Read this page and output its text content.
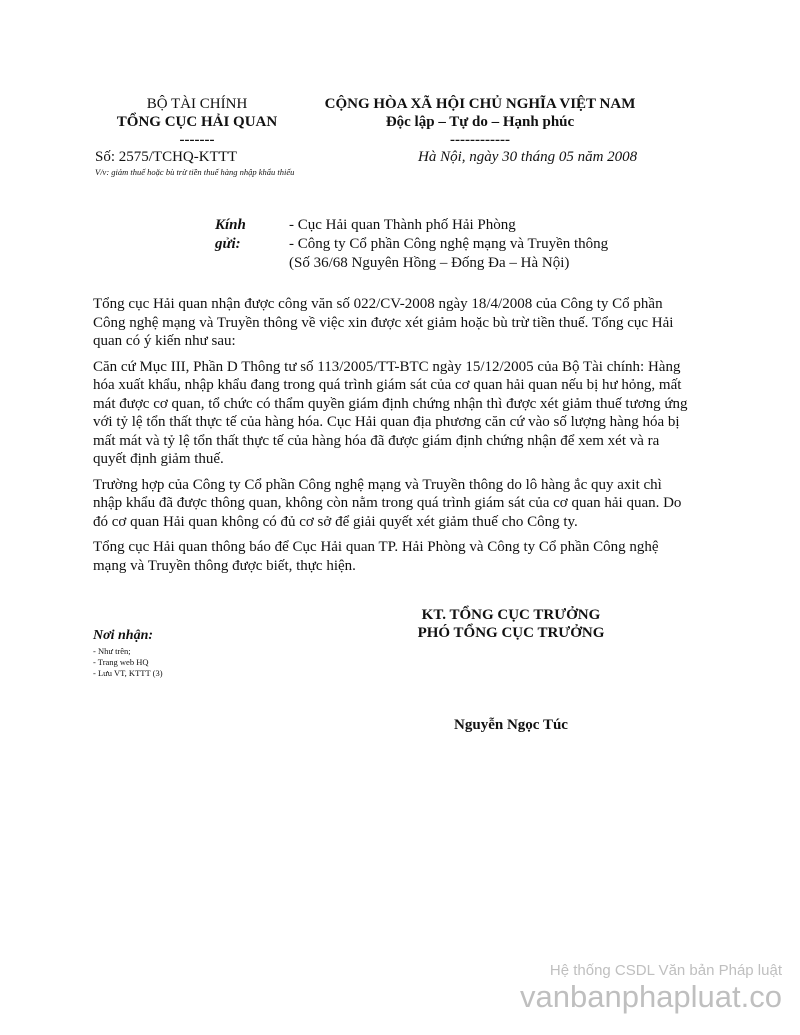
BỘ TÀI CHÍNH
TỔNG CỤC HẢI QUAN
-------
CỘNG HÒA XÃ HỘI CHỦ NGHĨA VIỆT NAM
Độc lập – Tự do – Hạnh phúc
------------
Số: 2575/TCHQ-KTTT
V/v: giảm thuế hoặc bù trừ tiền thuế hàng nhập khẩu thiếu
Hà Nội, ngày 30 tháng 05 năm 2008
Kính gửi:
- Cục Hải quan Thành phố Hải Phòng
- Công ty Cổ phần Công nghệ mạng và Truyền thông
(Số 36/68 Nguyên Hồng – Đống Đa – Hà Nội)

Tổng cục Hải quan nhận được công văn số 022/CV-2008 ngày 18/4/2008 của Công ty Cổ phần Công nghệ mạng và Truyền thông về việc xin được xét giảm hoặc bù trừ tiền thuế. Tổng cục Hải quan có ý kiến như sau:

Căn cứ Mục III, Phần D Thông tư số 113/2005/TT-BTC ngày 15/12/2005 của Bộ Tài chính: Hàng hóa xuất khẩu, nhập khẩu đang trong quá trình giám sát của cơ quan hải quan nếu bị hư hỏng, mất mát được cơ quan, tổ chức có thẩm quyền giám định chứng nhận thì được xét giảm thuế tương ứng với tỷ lệ tổn thất thực tế của hàng hóa. Cục Hải quan địa phương căn cứ vào số lượng hàng hóa bị mất mát và tỷ lệ tổn thất thực tế của hàng hóa đã được giám định chứng nhận để xem xét và ra quyết định giảm thuế.

Trường hợp của Công ty Cổ phần Công nghệ mạng và Truyền thông do lô hàng ắc quy axit chì nhập khẩu đã được thông quan, không còn nằm trong quá trình giám sát của cơ quan hải quan. Do đó cơ quan Hải quan không có đủ cơ sở để giải quyết xét giảm thuế cho Công ty.

Tổng cục Hải quan thông báo để Cục Hải quan TP. Hải Phòng và Công ty Cổ phần Công nghệ mạng và Truyền thông được biết, thực hiện.

KT. TỔNG CỤC TRƯỞNG
PHÓ TỔNG CỤC TRƯỞNG
Nguyễn Ngọc Túc
Nơi nhận:
- Như trên;
- Trang web HQ
- Lưu VT, KTTT (3)
Hệ thống CSDL Văn bản Pháp luật
vanbanphapluat.co
